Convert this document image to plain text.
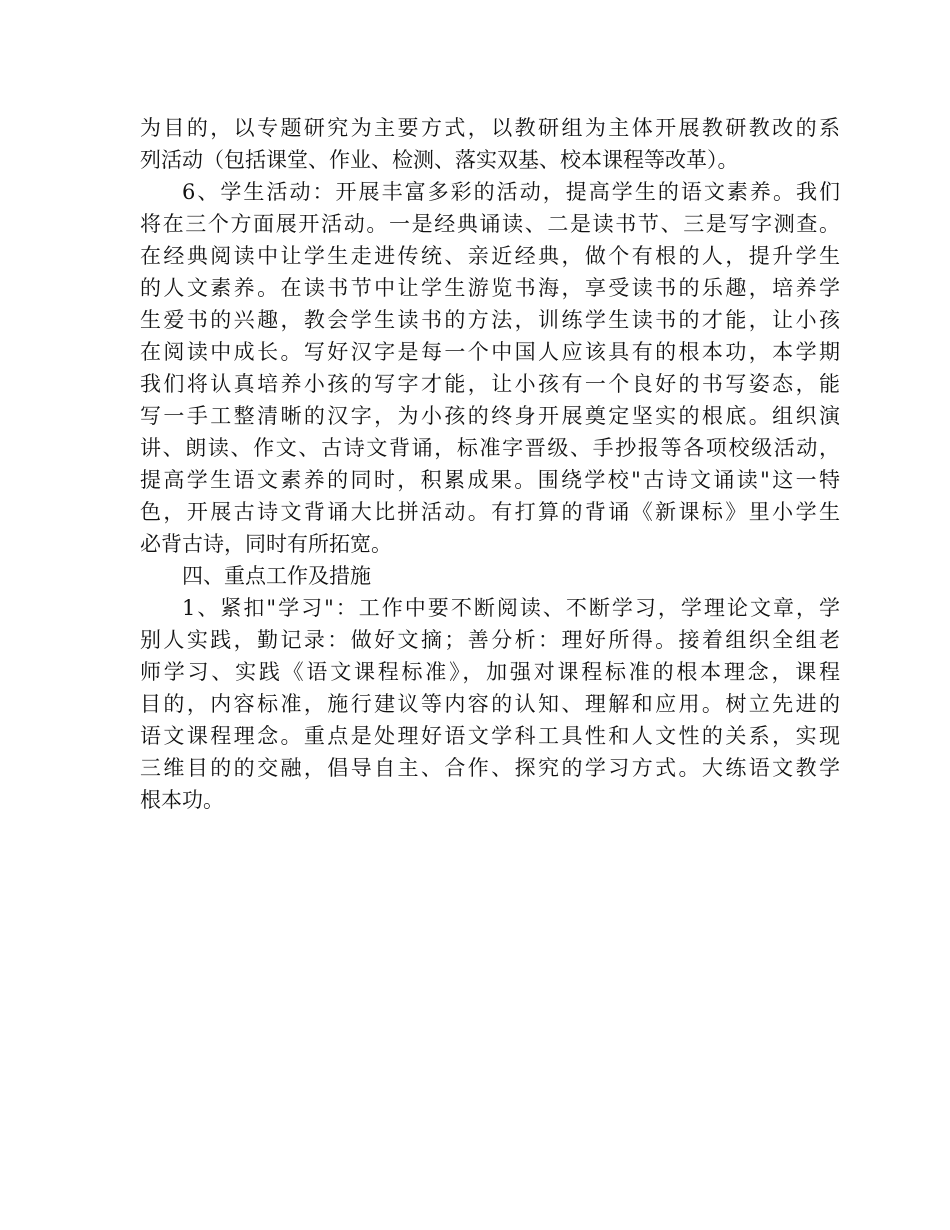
为目的，以专题研究为主要方式，以教研组为主体开展教研教改的系
列活动（包括课堂、作业、检测、落实双基、校本课程等改革）。
6、学生活动：开展丰富多彩的活动，提高学生的语文素养。我们
将在三个方面展开活动。一是经典诵读、二是读书节、三是写字测查。
在经典阅读中让学生走进传统、亲近经典，做个有根的人，提升学生
的人文素养。在读书节中让学生游览书海，享受读书的乐趣，培养学
生爱书的兴趣，教会学生读书的方法，训练学生读书的才能，让小孩
在阅读中成长。写好汉字是每一个中国人应该具有的根本功，本学期
我们将认真培养小孩的写字才能，让小孩有一个良好的书写姿态，能
写一手工整清晰的汉字，为小孩的终身开展奠定坚实的根底。组织演
讲、朗读、作文、古诗文背诵，标准字晋级、手抄报等各项校级活动，
提高学生语文素养的同时，积累成果。围绕学校"古诗文诵读"这一特
色，开展古诗文背诵大比拼活动。有打算的背诵《新课标》里小学生
必背古诗，同时有所拓宽。
四、重点工作及措施
1、紧扣"学习"：工作中要不断阅读、不断学习，学理论文章，学
别人实践，勤记录：做好文摘；善分析：理好所得。接着组织全组老
师学习、实践《语文课程标准》，加强对课程标准的根本理念，课程
目的，内容标准，施行建议等内容的认知、理解和应用。树立先进的
语文课程理念。重点是处理好语文学科工具性和人文性的关系，实现
三维目的的交融，倡导自主、合作、探究的学习方式。大练语文教学
根本功。
